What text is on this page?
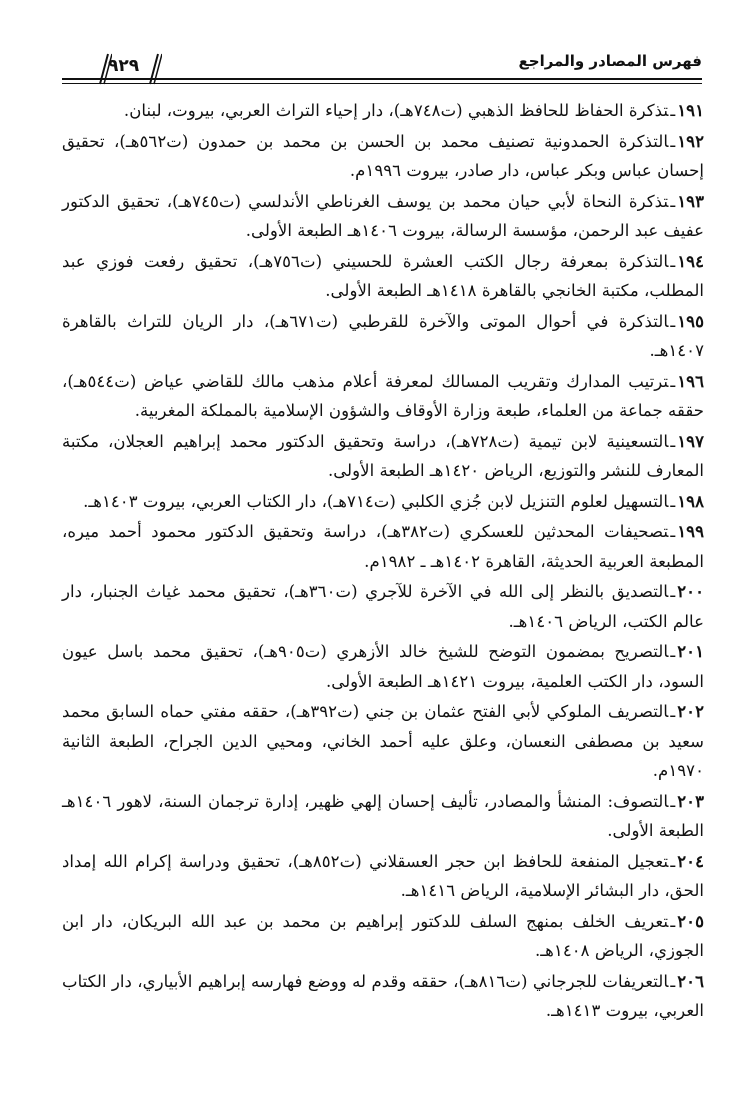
فهرس المصادر والمراجع
٩٢٩

١٩١ـتذكرة الحفاظ للحافظ الذهبي (ت٧٤٨هـ)، دار إحياء التراث العربي، بيروت، لبنان.

١٩٢ـالتذكرة الحمدونية تصنيف محمد بن الحسن بن محمد بن حمدون (ت٥٦٢هـ)، تحقيق إحسان عباس وبكر عباس، دار صادر، بيروت ١٩٩٦م.

١٩٣ـتذكرة النحاة لأبي حيان محمد بن يوسف الغرناطي الأندلسي (ت٧٤٥هـ)، تحقيق الدكتور عفيف عبد الرحمن، مؤسسة الرسالة، بيروت ١٤٠٦هـ الطبعة الأولى.

١٩٤ـالتذكرة بمعرفة رجال الكتب العشرة للحسيني (ت٧٥٦هـ)، تحقيق رفعت فوزي عبد المطلب، مكتبة الخانجي بالقاهرة ١٤١٨هـ الطبعة الأولى.

١٩٥ـالتذكرة في أحوال الموتى والآخرة للقرطبي (ت٦٧١هـ)، دار الريان للتراث بالقاهرة ١٤٠٧هـ.

١٩٦ـترتيب المدارك وتقريب المسالك لمعرفة أعلام مذهب مالك للقاضي عياض (ت٥٤٤هـ)، حققه جماعة من العلماء، طبعة وزارة الأوقاف والشؤون الإسلامية بالمملكة المغربية.

١٩٧ـالتسعينية لابن تيمية (ت٧٢٨هـ)، دراسة وتحقيق الدكتور محمد إبراهيم العجلان، مكتبة المعارف للنشر والتوزيع، الرياض ١٤٢٠هـ الطبعة الأولى.

١٩٨ـالتسهيل لعلوم التنزيل لابن جُزي الكلبي (ت٧١٤هـ)، دار الكتاب العربي، بيروت ١٤٠٣هـ.

١٩٩ـتصحيفات المحدثين للعسكري (ت٣٨٢هـ)، دراسة وتحقيق الدكتور محمود أحمد ميره، المطبعة العربية الحديثة، القاهرة ١٤٠٢هـ ـ ١٩٨٢م.

٢٠٠ـالتصديق بالنظر إلى الله في الآخرة للآجري (ت٣٦٠هـ)، تحقيق محمد غياث الجنبار، دار عالم الكتب، الرياض ١٤٠٦هـ.

٢٠١ـالتصريح بمضمون التوضح للشيخ خالد الأزهري (ت٩٠٥هـ)، تحقيق محمد باسل عيون السود، دار الكتب العلمية، بيروت ١٤٢١هـ الطبعة الأولى.

٢٠٢ـالتصريف الملوكي لأبي الفتح عثمان بن جني (ت٣٩٢هـ)، حققه مفتي حماه السابق محمد سعيد بن مصطفى النعسان، وعلق عليه أحمد الخاني، ومحيي الدين الجراح، الطبعة الثانية ١٩٧٠م.

٢٠٣ـالتصوف: المنشأ والمصادر، تأليف إحسان إلهي ظهير، إدارة ترجمان السنة، لاهور ١٤٠٦هـ الطبعة الأولى.

٢٠٤ـتعجيل المنفعة للحافظ ابن حجر العسقلاني (ت٨٥٢هـ)، تحقيق ودراسة إكرام الله إمداد الحق، دار البشائر الإسلامية، الرياض ١٤١٦هـ.

٢٠٥ـتعريف الخلف بمنهج السلف للدكتور إبراهيم بن محمد بن عبد الله البريكان، دار ابن الجوزي، الرياض ١٤٠٨هـ.

٢٠٦ـالتعريفات للجرجاني (ت٨١٦هـ)، حققه وقدم له ووضع فهارسه إبراهيم الأبياري، دار الكتاب العربي، بيروت ١٤١٣هـ.
